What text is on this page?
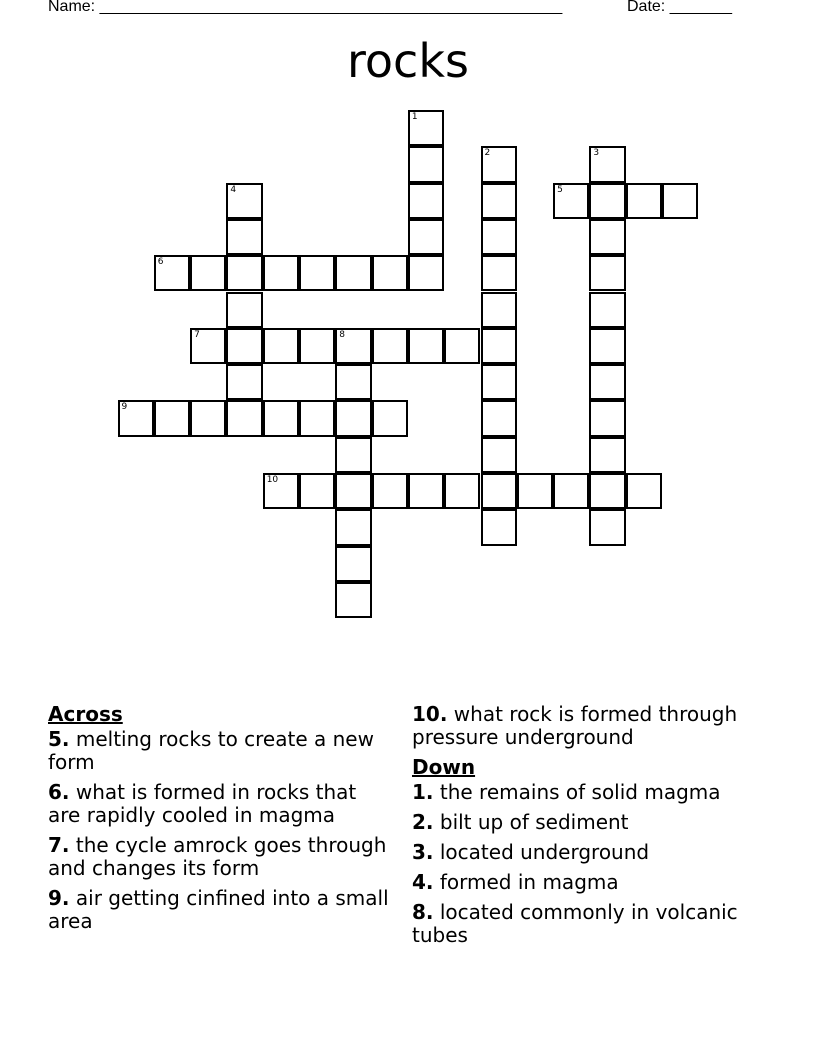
Name: ____________________________________________________	Date: _______
rocks
1
2	3
4	5
6
7	8
9
10
Across
5. melting rocks to create a new form
6. what is formed in rocks that are rapidly cooled in magma
7. the cycle amrock goes through and changes its form
9. air getting cinfined into a small area
10. what rock is formed through pressure underground
Down
1. the remains of solid magma
2. bilt up of sediment
3. located underground
4. formed in magma
8. located commonly in volcanic tubes
